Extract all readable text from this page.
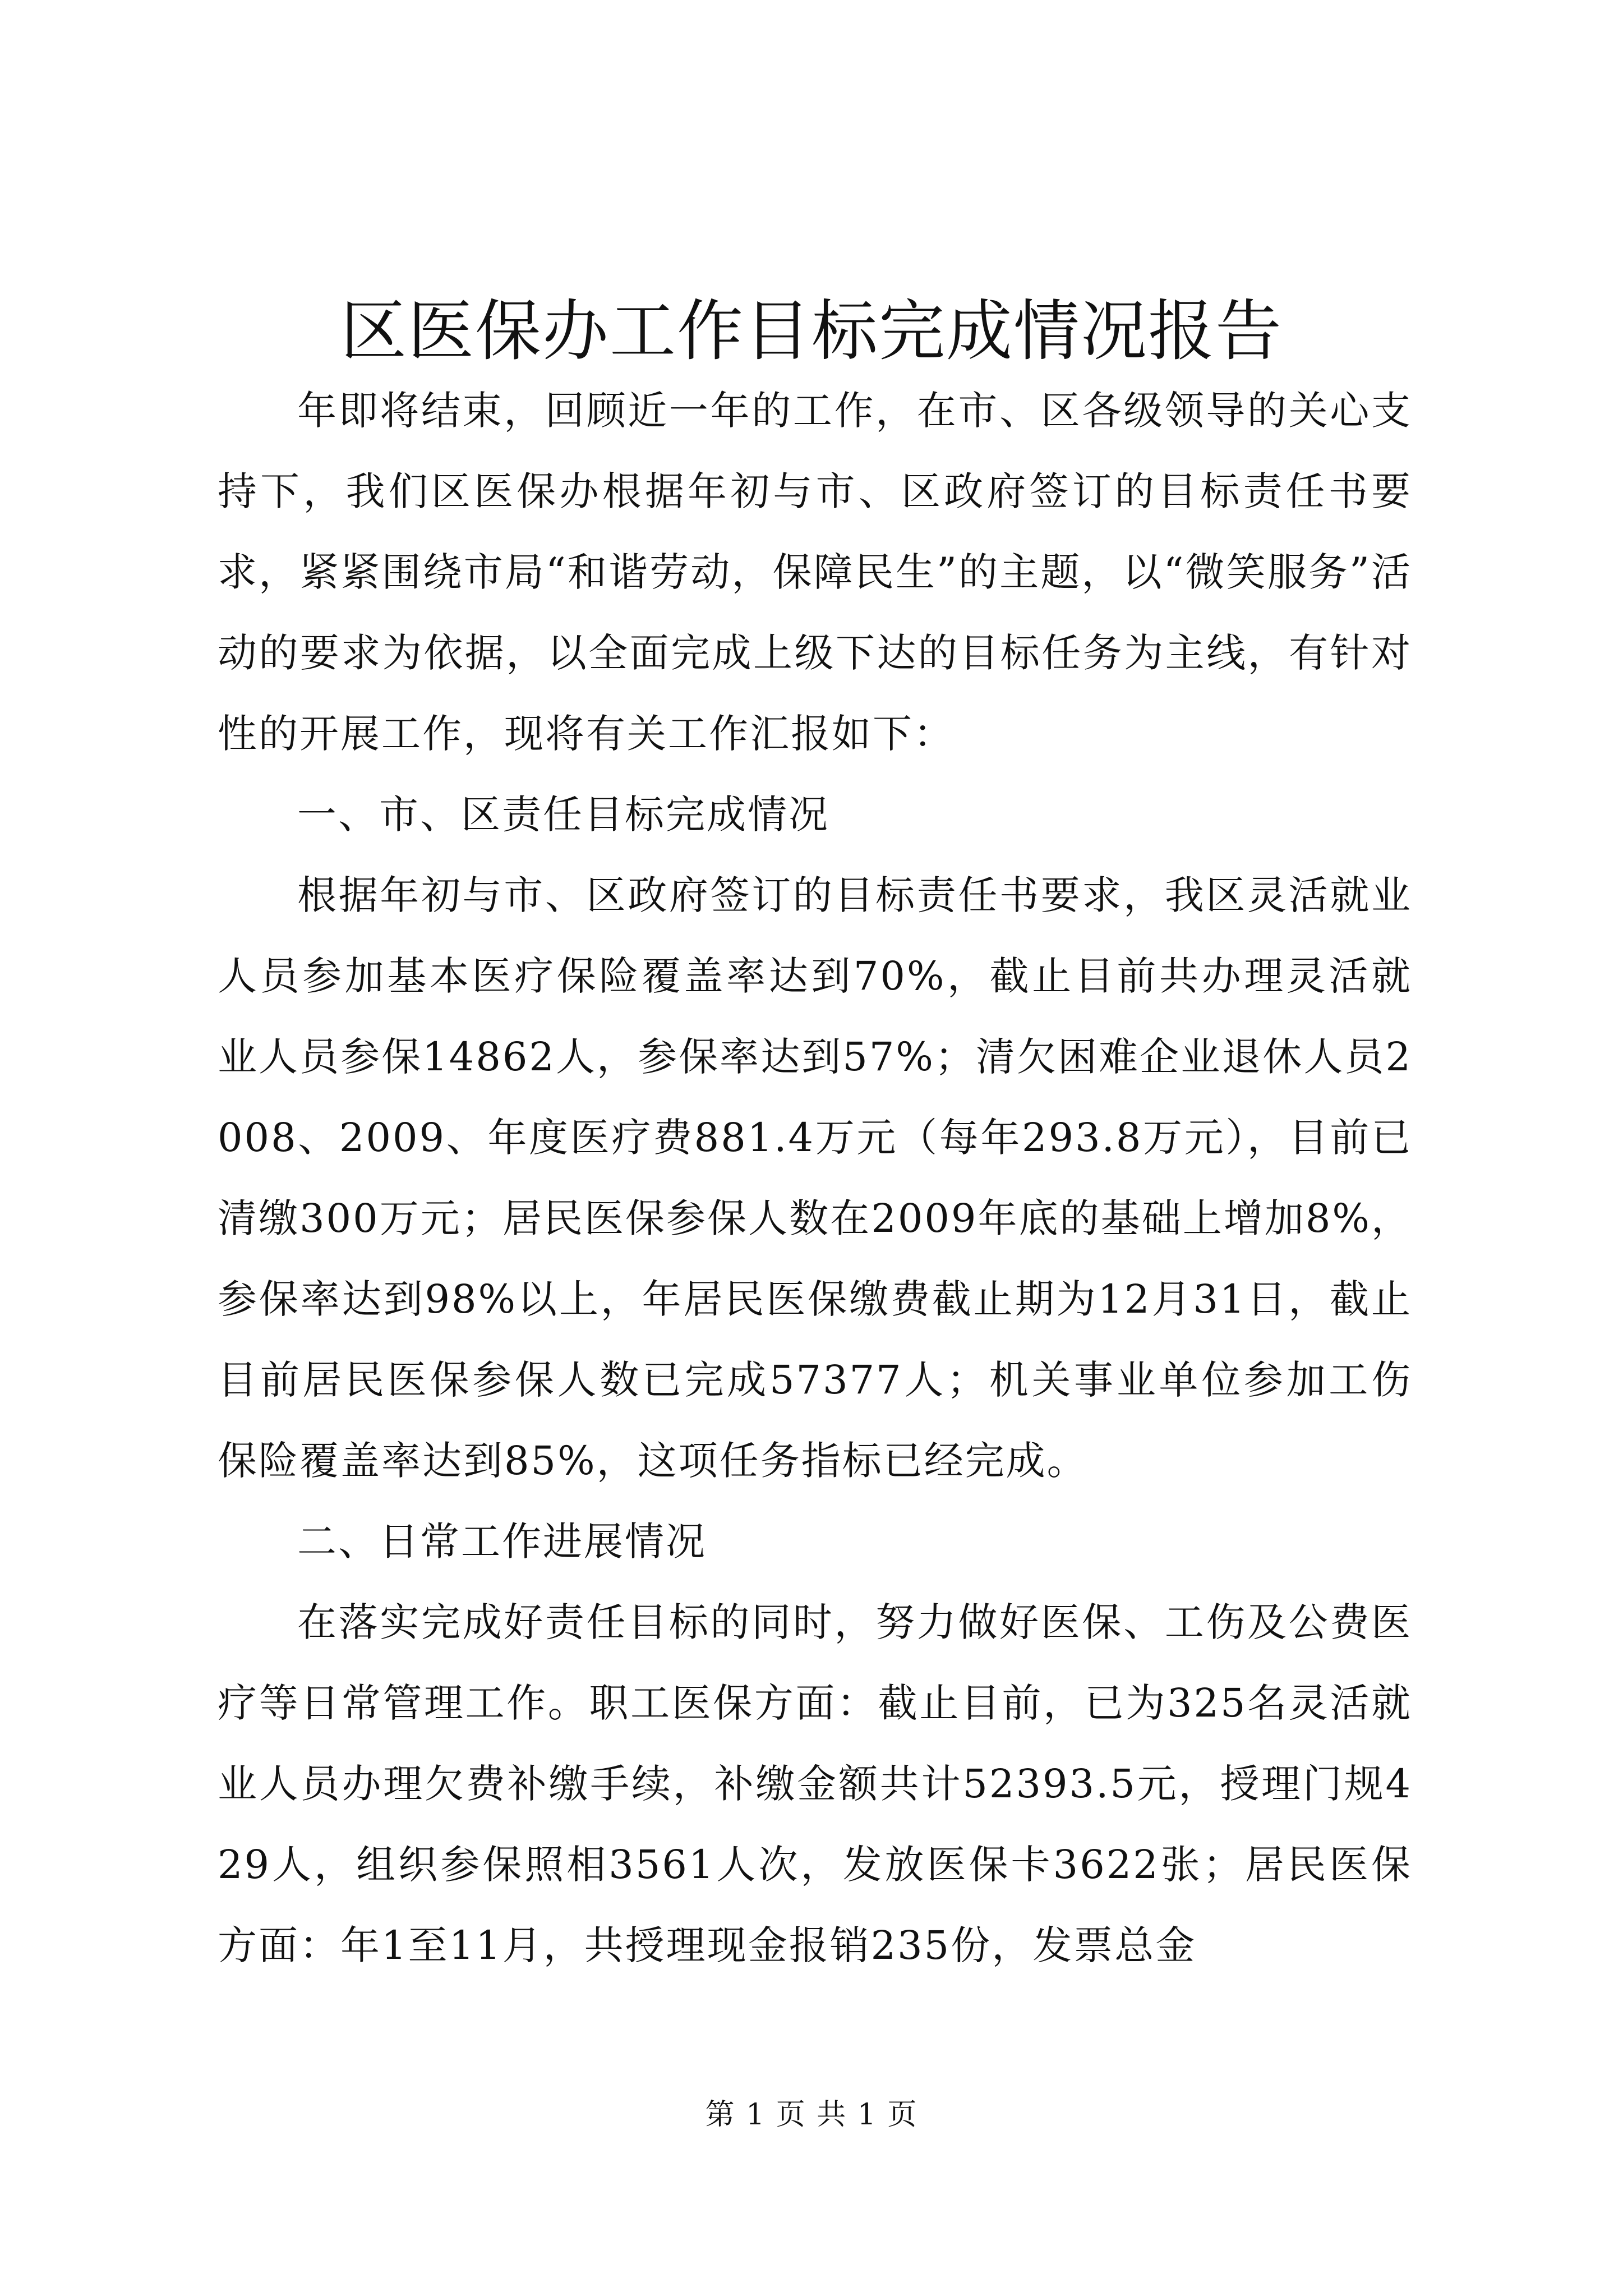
区医保办工作目标完成情况报告

年即将结束，回顾近一年的工作，在市、区各级领导的关心支持下，我们区医保办根据年初与市、区政府签订的目标责任书要求，紧紧围绕市局“和谐劳动，保障民生”的主题，以“微笑服务”活动的要求为依据，以全面完成上级下达的目标任务为主线，有针对性的开展工作，现将有关工作汇报如下：

一、市、区责任目标完成情况

根据年初与市、区政府签订的目标责任书要求，我区灵活就业人员参加基本医疗保险覆盖率达到70%，截止目前共办理灵活就业人员参保14862人，参保率达到57%；清欠困难企业退休人员2008、2009、年度医疗费881.4万元（每年293.8万元），目前已清缴300万元；居民医保参保人数在2009年底的基础上增加8%，参保率达到98%以上，年居民医保缴费截止期为12月31日，截止目前居民医保参保人数已完成57377人；机关事业单位参加工伤保险覆盖率达到85%，这项任务指标已经完成。

二、日常工作进展情况

在落实完成好责任目标的同时，努力做好医保、工伤及公费医疗等日常管理工作。职工医保方面：截止目前，已为325名灵活就业人员办理欠费补缴手续，补缴金额共计52393.5元，授理门规429人，组织参保照相3561人次，发放医保卡3622张；居民医保方面：年1至11月，共授理现金报销235份，发票总金

第 1 页 共 1 页
